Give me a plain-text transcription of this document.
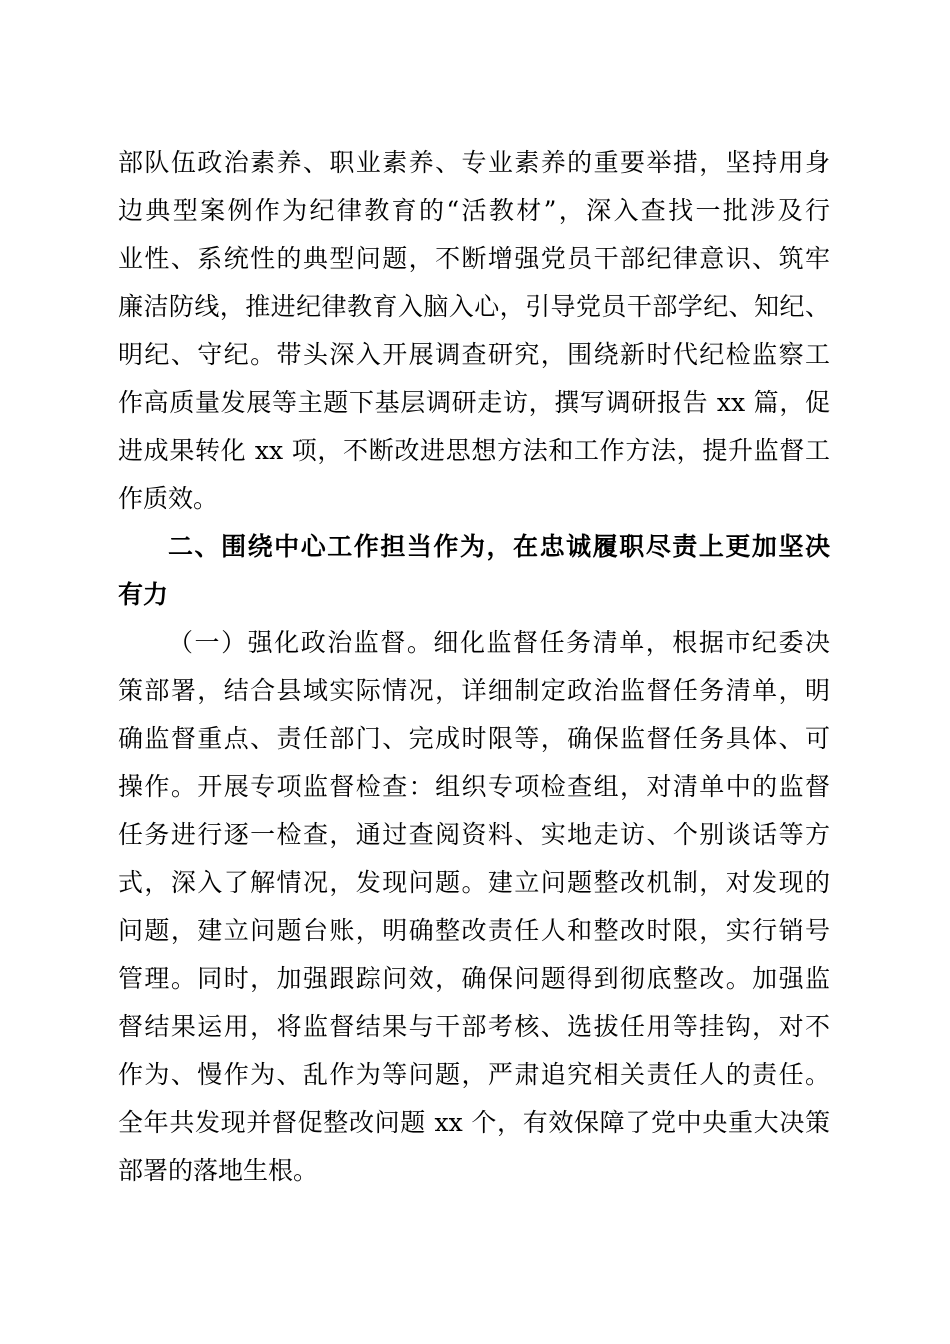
部队伍政治素养、职业素养、专业素养的重要举措，坚持用身
边典型案例作为纪律教育的“活教材”，深入查找一批涉及行
业性、系统性的典型问题，不断增强党员干部纪律意识、筑牢
廉洁防线，推进纪律教育入脑入心，引导党员干部学纪、知纪、
明纪、守纪。带头深入开展调查研究，围绕新时代纪检监察工
作高质量发展等主题下基层调研走访，撰写调研报告 xx 篇，促
进成果转化 xx 项，不断改进思想方法和工作方法，提升监督工
作质效。
二、围绕中心工作担当作为，在忠诚履职尽责上更加坚决
有力
（一）强化政治监督。细化监督任务清单，根据市纪委决
策部署，结合县域实际情况，详细制定政治监督任务清单，明
确监督重点、责任部门、完成时限等，确保监督任务具体、可
操作。开展专项监督检查：组织专项检查组，对清单中的监督
任务进行逐一检查，通过查阅资料、实地走访、个别谈话等方
式，深入了解情况，发现问题。建立问题整改机制，对发现的
问题，建立问题台账，明确整改责任人和整改时限，实行销号
管理。同时，加强跟踪问效，确保问题得到彻底整改。加强监
督结果运用，将监督结果与干部考核、选拔任用等挂钩，对不
作为、慢作为、乱作为等问题，严肃追究相关责任人的责任。
全年共发现并督促整改问题 xx 个，有效保障了党中央重大决策
部署的落地生根。
